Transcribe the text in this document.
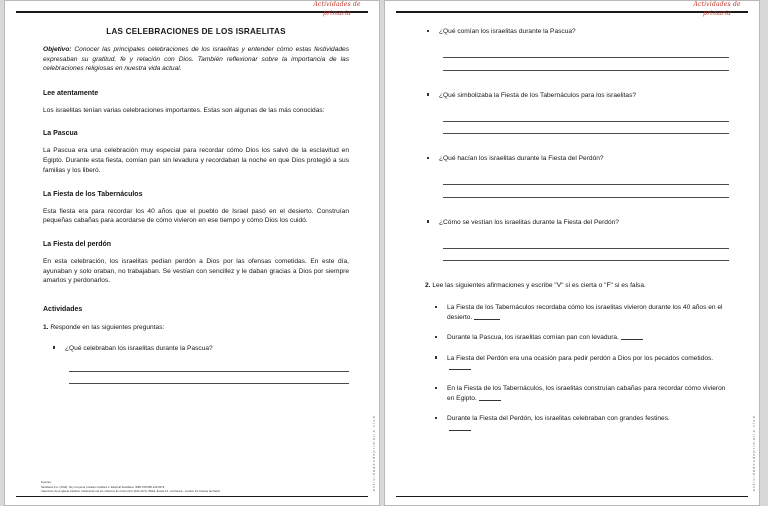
Actividades de
primaria
LAS CELEBRACIONES DE LOS ISRAELITAS
Objetivo: Conocer las principales celebraciones de los israelitas y entender cómo estas festividades expresaban su gratitud, fe y relación con Dios. También reflexionar sobre la importancia de las celebraciones religiosas en nuestra vida actual.
Lee atentamente

Los israelitas tenían varias celebraciones importantes. Estas son algunas de las más conocidas:

La Pascua

La Pascua era una celebración muy especial para recordar cómo Dios los salvó de la esclavitud en Egipto. Durante esta fiesta, comían pan sin levadura y recordaban la noche en que Dios protegió a sus familias y los liberó.

La Fiesta de los Tabernáculos

Esta fiesta era para recordar los 40 años que el pueblo de Israel pasó en el desierto. Construían pequeñas cabañas para acordarse de cómo vivieron en ese tiempo y cómo Dios los cuidó.

La Fiesta del perdón

En esta celebración, los israelitas pedían perdón a Dios por las ofensas cometidas. En este día, ayunaban y solo oraban, no trabajaban. Se vestían con sencillez y le daban gracias a Dios por siempre amarlos y perdonarlos.

Actividades
1. Responde en las siguientes preguntas:
¿Qué celebraban los israelitas durante la Pascua?
Fuentes:
Santillana S.A. (2019), Soy Creyente Cristiano Católico 2. Editorial Santillana. ISBN 978-958-243-8079.
Catecismo de la Iglesia Católica: Celebración de los misterios de Cristo (CIC 1163-1171), Biblia: Éxodo 12, La Pascua.; Levítico 23: Fiestas del Señor
actividadesdeprimaria.club
Actividades de
primaria
¿Qué comían los israelitas durante la Pascua?
¿Qué simbolizaba la Fiesta de los Tabernáculos para los israelitas?
¿Qué hacían los israelitas durante la Fiesta del Perdón?
¿Cómo se vestían los israelitas durante la Fiesta del Perdón?
2. Lee las siguientes afirmaciones y escribe "V" si es cierta o "F" si es falsa.
La Fiesta de los Tabernáculos recordaba cómo los israelitas vivieron durante los 40 años en el desierto.
Durante la Pascua, los israelitas comían pan con levadura.
La Fiesta del Perdón era una ocasión para pedir perdón a Dios por los pecados cometidos.
En la Fiesta de los Tabernáculos, los israelitas construían cabañas para recordar cómo vivieron en Egipto.
Durante la Fiesta del Perdón, los israelitas celebraban con grandes festines.	actividadesdeprimaria.club
